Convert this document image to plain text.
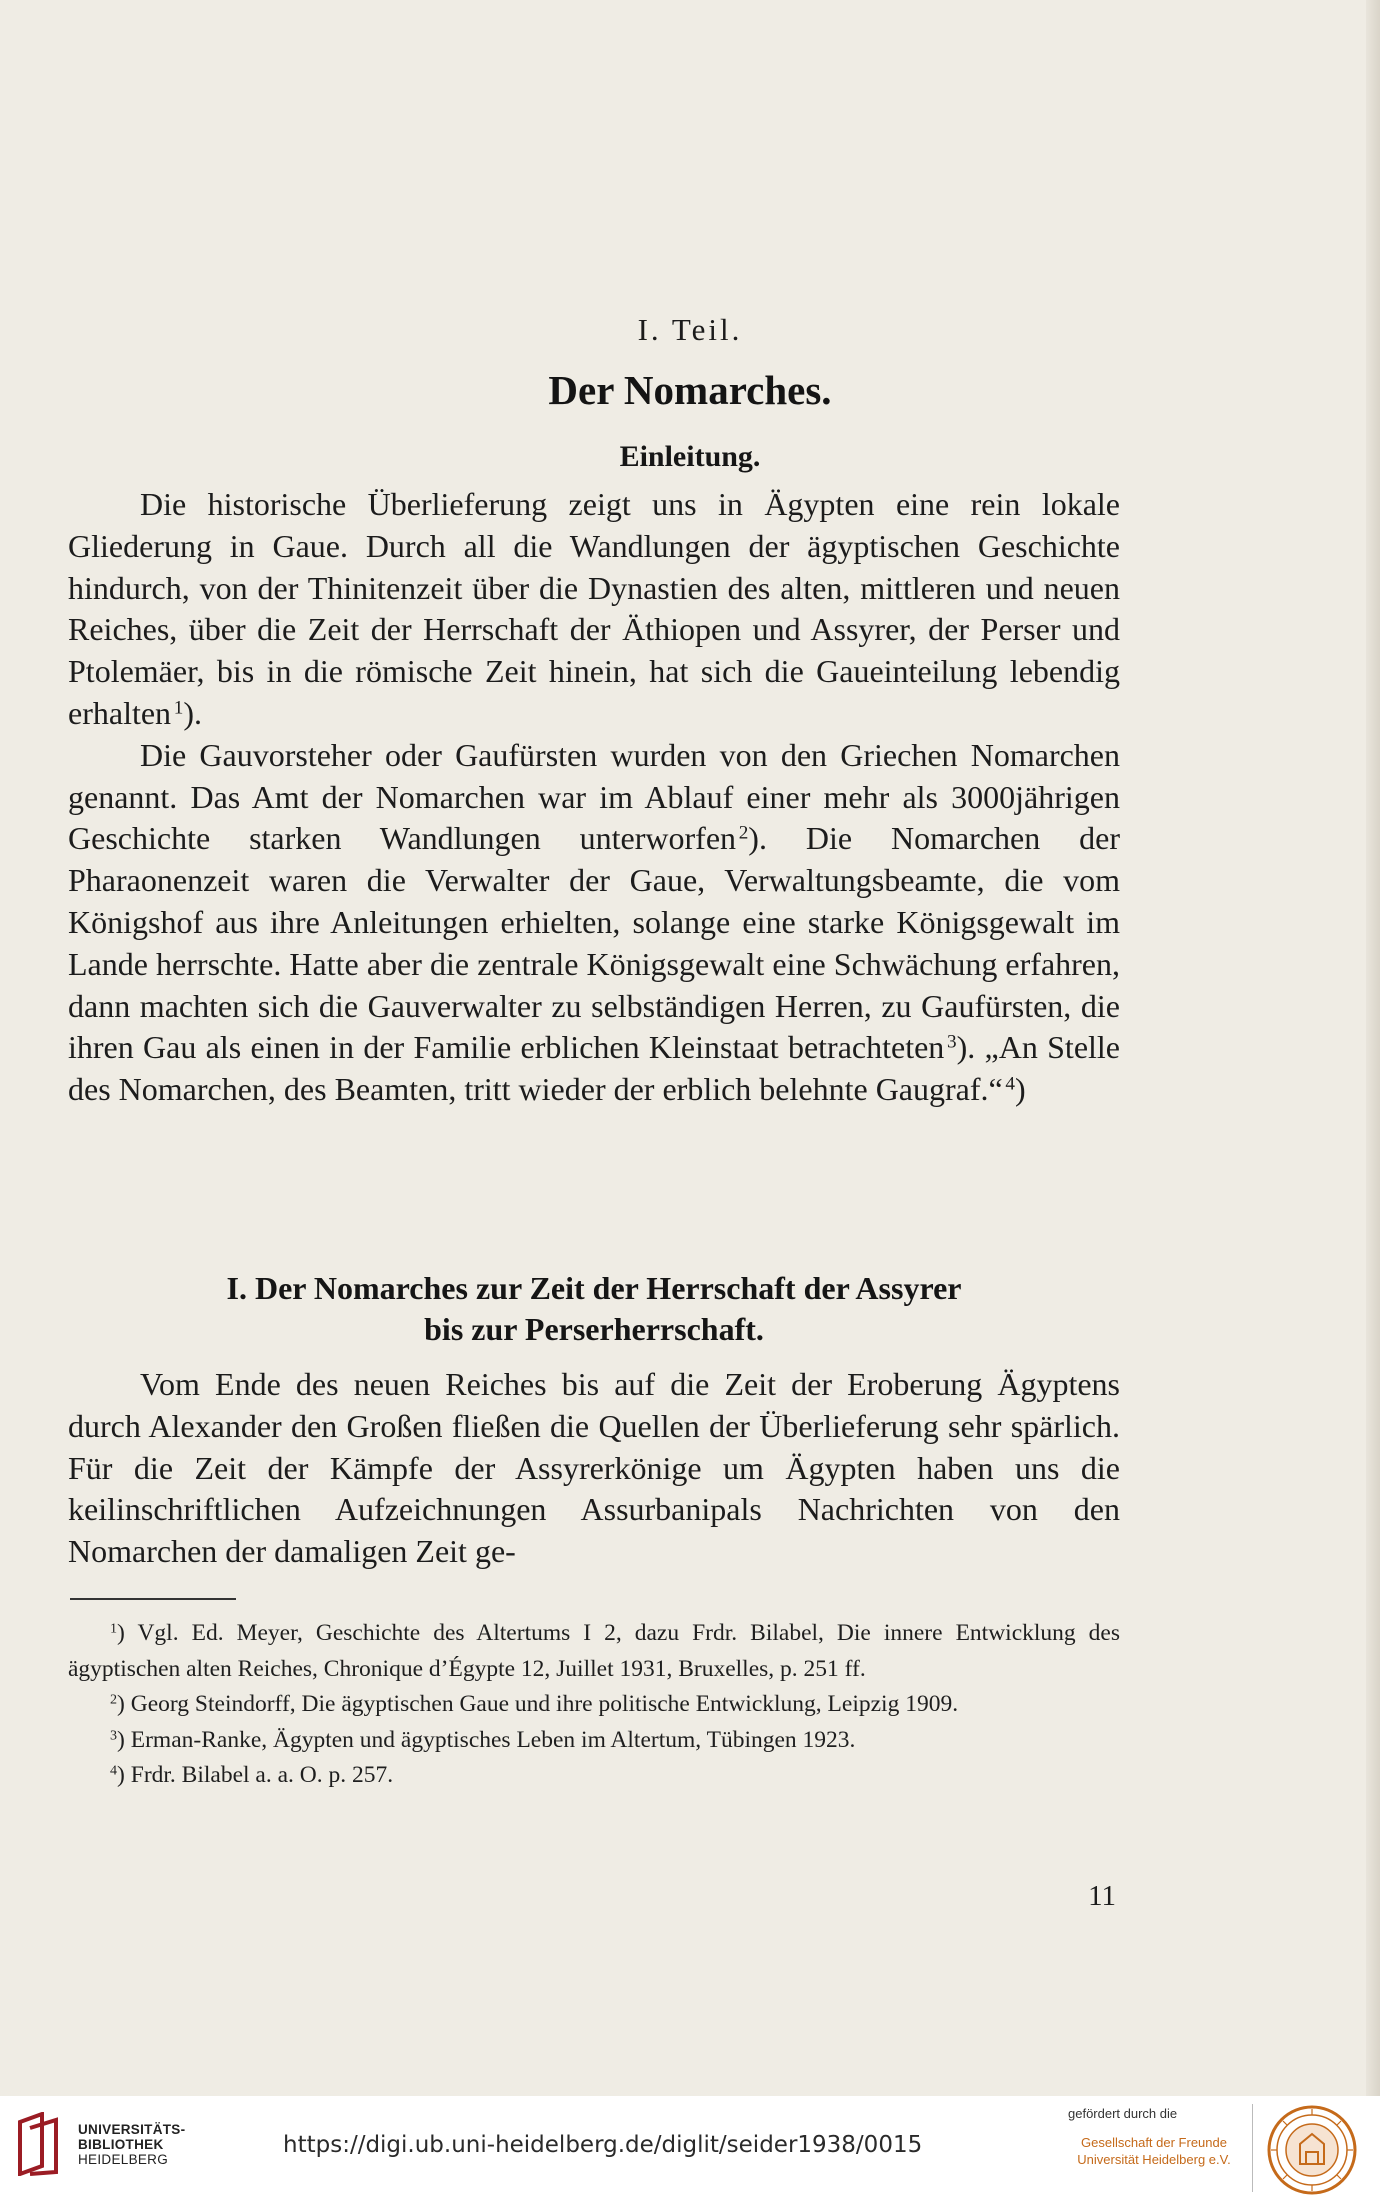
I. Teil.
Der Nomarches.
Einleitung.

Die historische Überlieferung zeigt uns in Ägypten eine rein lokale Gliederung in Gaue. Durch all die Wandlungen der ägyptischen Geschichte hindurch, von der Thinitenzeit über die Dynastien des alten, mittleren und neuen Reiches, über die Zeit der Herrschaft der Äthiopen und Assyrer, der Perser und Ptolemäer, bis in die römische Zeit hinein, hat sich die Gaueinteilung lebendig erhalten  $^1$).

Die Gauvorsteher oder Gaufürsten wurden von den Griechen Nomarchen genannt. Das Amt der Nomarchen war im Ablauf einer mehr als 3000jährigen Geschichte starken Wandlungen unterworfen  $^2$). Die Nomarchen der Pharaonenzeit waren die Verwalter der Gaue, Verwaltungsbeamte, die vom Königshof aus ihre Anleitungen erhielten, solange eine starke Königsgewalt im Lande herrschte. Hatte aber die zentrale Königsgewalt eine Schwächung erfahren, dann machten sich die Gauverwalter zu selbständigen Herren, zu Gaufürsten, die ihren Gau als einen in der Familie erblichen Kleinstaat betrachteten  $^3$). „An Stelle des Nomarchen, des Beamten, tritt wieder der erblich belehnte Gaugraf.“  $^4$)

I. Der Nomarches zur Zeit der Herrschaft der Assyrer
bis zur Perserherrschaft.

Vom Ende des neuen Reiches bis auf die Zeit der Eroberung Ägyptens durch Alexander den Großen fließen die Quellen der Überlieferung sehr spärlich. Für die Zeit der Kämpfe der Assyrerkönige um Ägypten haben uns die keilinschriftlichen Aufzeichnungen Assurbanipals Nachrichten von den Nomarchen der damaligen Zeit ge-

$^1$) Vgl. Ed. Meyer, Geschichte des Altertums I 2, dazu Frdr. Bilabel, Die innere Entwicklung des ägyptischen alten Reiches, Chronique d’Égypte 12, Juillet 1931, Bruxelles, p. 251 ff.

$^2$) Georg Steindorff, Die ägyptischen Gaue und ihre politische Entwicklung, Leipzig 1909.

$^3$) Erman-Ranke, Ägypten und ägyptisches Leben im Altertum, Tübingen 1923.

$^4$) Frdr. Bilabel a. a. O. p. 257.

11
UNIVERSITÄTS-
BIBLIOTHEK
HEIDELBERG
https://digi.ub.uni-heidelberg.de/diglit/seider1938/0015
gefördert durch die
Gesellschaft der Freunde
Universität Heidelberg e.V.
